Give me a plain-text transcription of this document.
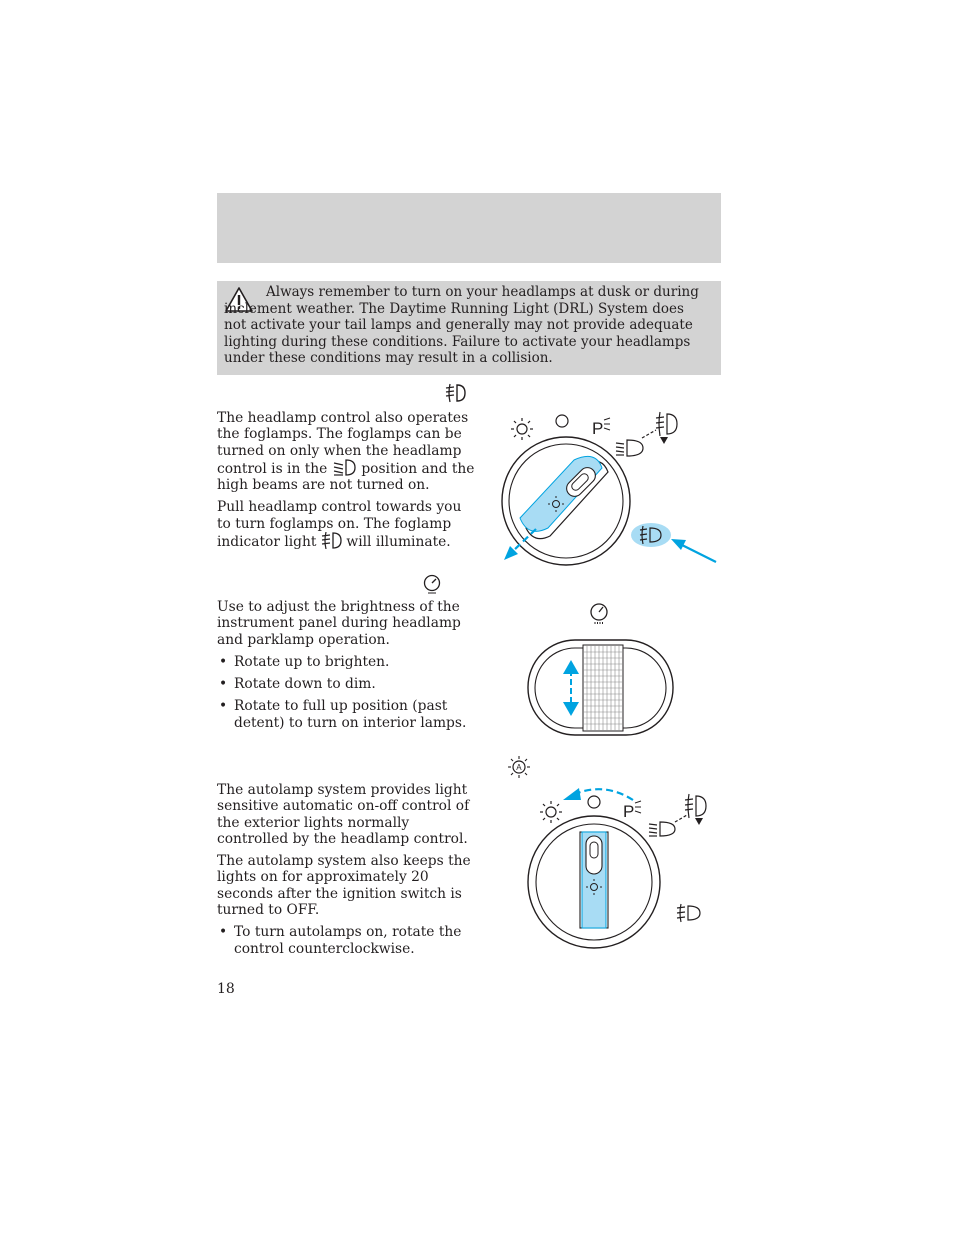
Always remember to turn on your headlamps at dusk or during inclement weather. The Daytime Running Light (DRL) System does not activate your tail lamps and generally may not provide adequate lighting during these conditions. Failure to activate your headlamps under these conditions may result in a collision.

The headlamp control also operates the foglamps. The foglamps can be turned on only when the headlamp control is in the position and the high beams are not turned on.

Pull headlamp control towards you to turn foglamps on. The foglamp indicator light will illuminate.

P

Use to adjust the brightness of the instrument panel during headlamp and parklamp operation.

• Rotate up to brighten.
• Rotate down to dim.
• Rotate to full up position (past detent) to turn on interior lamps.
A

The autolamp system provides light sensitive automatic on-off control of the exterior lights normally controlled by the headlamp control.

The autolamp system also keeps the lights on for approximately 20 seconds after the ignition switch is turned to OFF.

• To turn autolamps on, rotate the control counterclockwise.
P
18
